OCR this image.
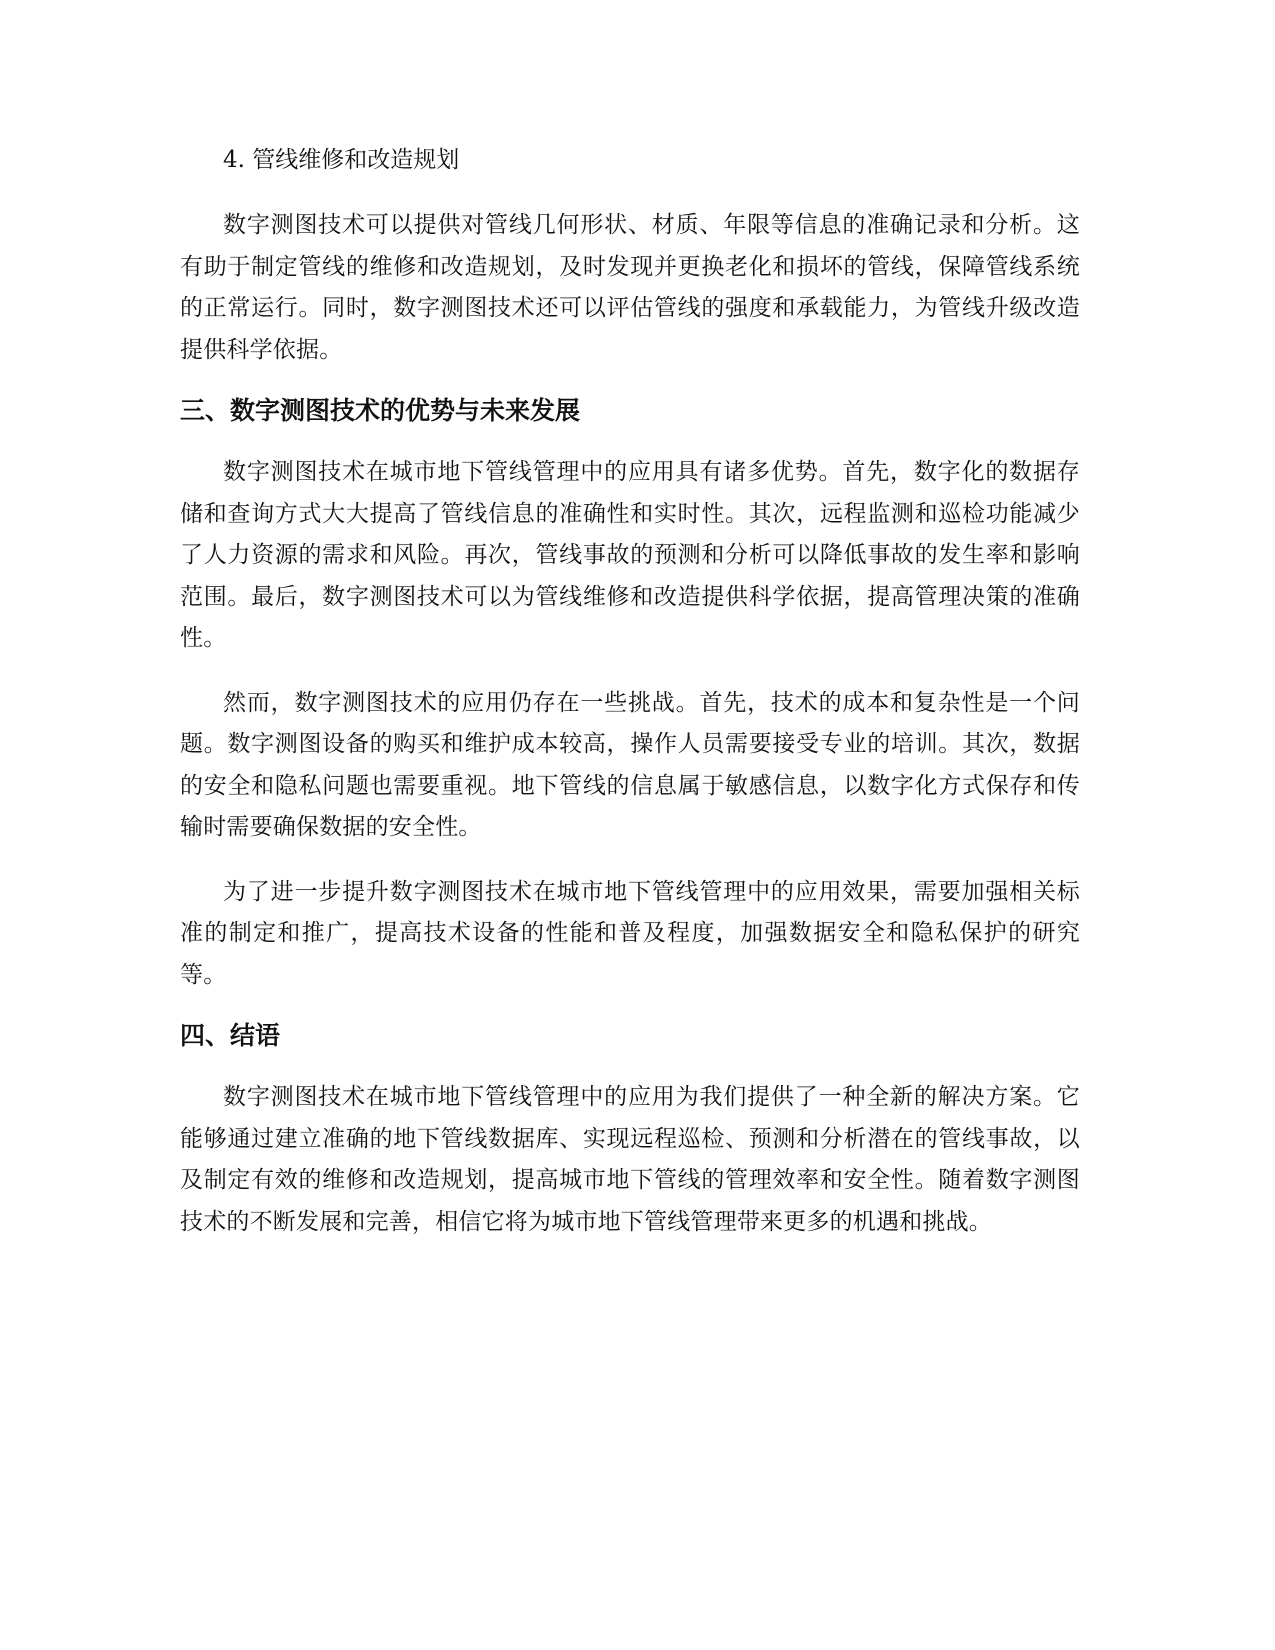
4. 管线维修和改造规划

数字测图技术可以提供对管线几何形状、材质、年限等信息的准确记录和分析。这有助于制定管线的维修和改造规划，及时发现并更换老化和损坏的管线，保障管线系统的正常运行。同时，数字测图技术还可以评估管线的强度和承载能力，为管线升级改造提供科学依据。

三、数字测图技术的优势与未来发展

数字测图技术在城市地下管线管理中的应用具有诸多优势。首先，数字化的数据存储和查询方式大大提高了管线信息的准确性和实时性。其次，远程监测和巡检功能减少了人力资源的需求和风险。再次，管线事故的预测和分析可以降低事故的发生率和影响范围。最后，数字测图技术可以为管线维修和改造提供科学依据，提高管理决策的准确性。

然而，数字测图技术的应用仍存在一些挑战。首先，技术的成本和复杂性是一个问题。数字测图设备的购买和维护成本较高，操作人员需要接受专业的培训。其次，数据的安全和隐私问题也需要重视。地下管线的信息属于敏感信息，以数字化方式保存和传输时需要确保数据的安全性。

为了进一步提升数字测图技术在城市地下管线管理中的应用效果，需要加强相关标准的制定和推广，提高技术设备的性能和普及程度，加强数据安全和隐私保护的研究等。

四、结语

数字测图技术在城市地下管线管理中的应用为我们提供了一种全新的解决方案。它能够通过建立准确的地下管线数据库、实现远程巡检、预测和分析潜在的管线事故，以及制定有效的维修和改造规划，提高城市地下管线的管理效率和安全性。随着数字测图技术的不断发展和完善，相信它将为城市地下管线管理带来更多的机遇和挑战。
